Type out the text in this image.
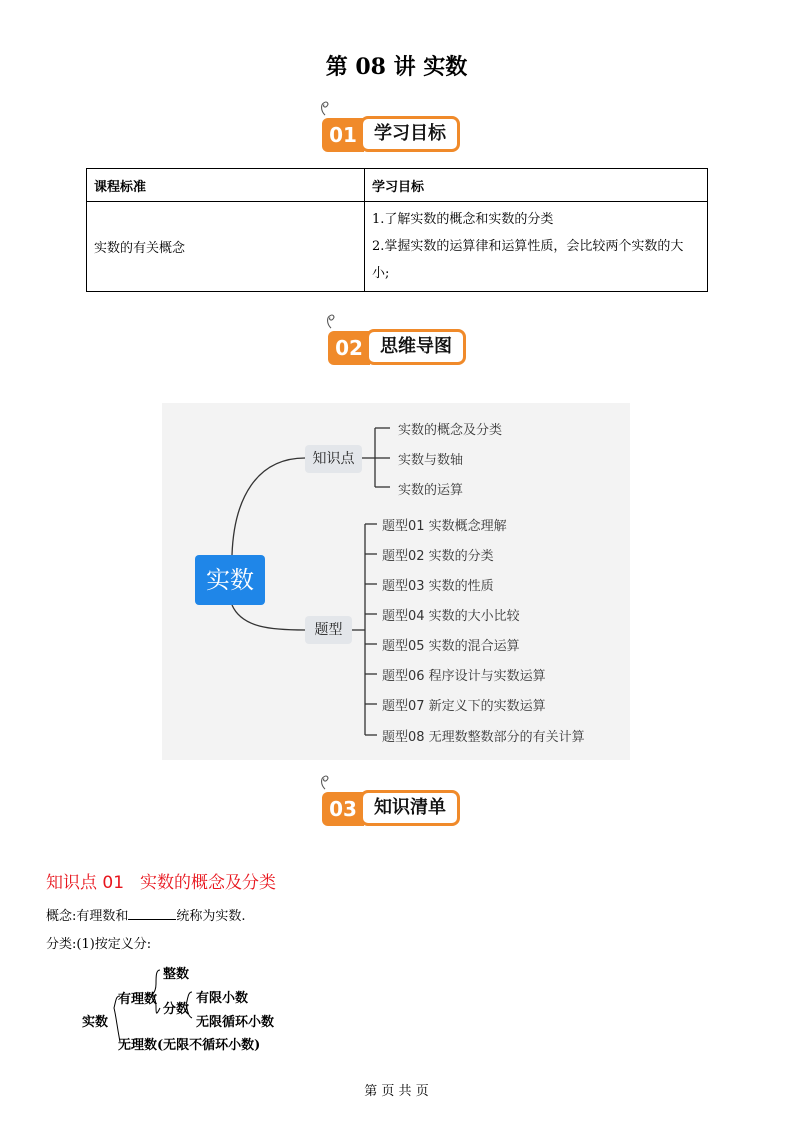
第 08 讲 实数
01 学习目标
课程标准	学习目标
实数的有关概念	1.了解实数的概念和实数的分类
2.掌握实数的运算律和运算性质，会比较两个实数的大
小;
02 思维导图
实数
知识点
题型
实数的概念及分类
实数与数轴
实数的运算
题型01 实数概念理解
题型02 实数的分类
题型03 实数的性质
题型04 实数的大小比较
题型05 实数的混合运算
题型06 程序设计与实数运算
题型07 新定义下的实数运算
题型08 无理数整数部分的有关计算
03 知识清单
知识点 01 实数的概念及分类
概念:有理数和	统称为实数.
分类:(1)按定义分:
实数
有理数
整数
分数
有限小数
无限循环小数
无理数(无限不循环小数)
第 页 共 页
